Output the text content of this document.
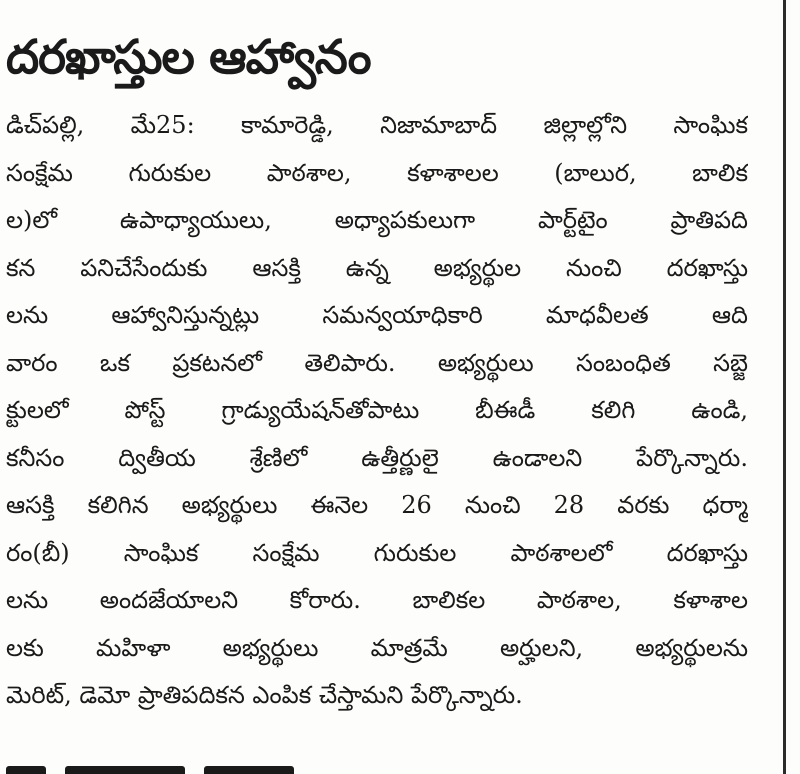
దరఖాస్తుల ఆహ్వానం
డిచ్‌పల్లి, మే25: కామారెడ్డి, నిజామాబాద్ జిల్లాల్లోని సాంఘిక
సంక్షేమ గురుకుల పాఠశాల, కళాశాలల (బాలుర, బాలిక
ల)లో ఉపాధ్యాయులు, అధ్యాపకులుగా పార్ట్‌టైం ప్రాతిపది
కన పనిచేసేందుకు ఆసక్తి ఉన్న అభ్యర్థుల నుంచి దరఖాస్తు
లను ఆహ్వానిస్తున్నట్లు సమన్వయాధికారి మాధవీలత ఆది
వారం ఒక ప్రకటనలో తెలిపారు. అభ్యర్థులు సంబంధిత సబ్జె
క్టులలో పోస్ట్ గ్రాడ్యుయేషన్‌తోపాటు బీఈడీ కలిగి ఉండి,
కనీసం ద్వితీయ శ్రేణిలో ఉత్తీర్ణులై ఉండాలని పేర్కొన్నారు.
ఆసక్తి కలిగిన అభ్యర్థులు ఈనెల 26 నుంచి 28 వరకు ధర్మా
రం(బీ) సాంఘిక సంక్షేమ గురుకుల పాఠశాలలో దరఖాస్తు
లను అందజేయాలని కోరారు. బాలికల పాఠశాల, కళాశాల
లకు మహిళా అభ్యర్థులు మాత్రమే అర్హులని, అభ్యర్థులను
మెరిట్, డెమో ప్రాతిపదికన ఎంపిక చేస్తామని పేర్కొన్నారు.
